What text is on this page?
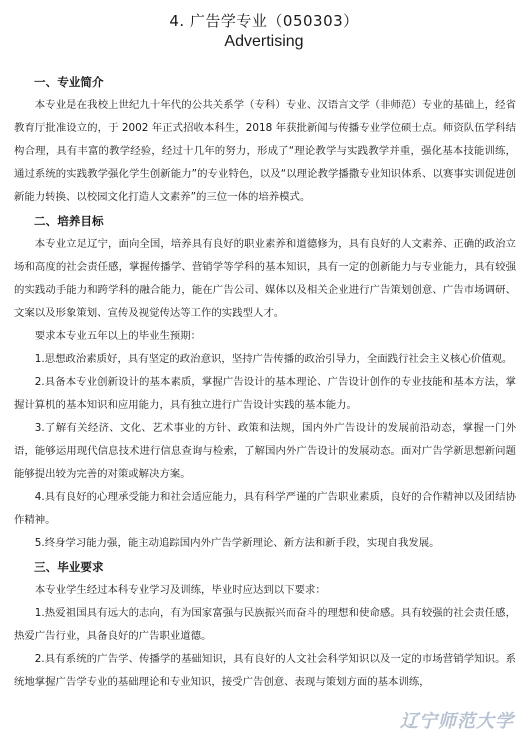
4. 广告学专业（050303）
Advertising
一、专业简介

本专业是在我校上世纪九十年代的公共关系学（专科）专业、汉语言文学（非师范）专业的基础上，经省教育厅批准设立的，于 2002 年正式招收本科生，2018 年获批新闻与传播专业学位硕士点。师资队伍学科结构合理，具有丰富的教学经验，经过十几年的努力，形成了“理论教学与实践教学并重，强化基本技能训练，通过系统的实践教学强化学生创新能力”的专业特色，以及“以理论教学播撒专业知识体系、以赛事实训促进创新能力转换、以校园文化打造人文素养”的三位一体的培养模式。

二、培养目标

本专业立足辽宁，面向全国，培养具有良好的职业素养和道德修为，具有良好的人文素养、正确的政治立场和高度的社会责任感，掌握传播学、营销学等学科的基本知识，具有一定的创新能力与专业能力，具有较强的实践动手能力和跨学科的融合能力，能在广告公司、媒体以及相关企业进行广告策划创意、广告市场调研、文案以及形象策划、宣传及视觉传达等工作的实践型人才。

要求本专业五年以上的毕业生预期：

1.思想政治素质好，具有坚定的政治意识，坚持广告传播的政治引导力，全面践行社会主义核心价值观。

2.具备本专业创新设计的基本素质，掌握广告设计的基本理论、广告设计创作的专业技能和基本方法，掌握计算机的基本知识和应用能力，具有独立进行广告设计实践的基本能力。

3.了解有关经济、文化、艺术事业的方针、政策和法规，国内外广告设计的发展前沿动态，掌握一门外语，能够运用现代信息技术进行信息查询与检索，了解国内外广告设计的发展动态。面对广告学新思想新问题能够提出较为完善的对策或解决方案。

4.具有良好的心理承受能力和社会适应能力，具有科学严谨的广告职业素质，良好的合作精神以及团结协作精神。

5.终身学习能力强，能主动追踪国内外广告学新理论、新方法和新手段，实现自我发展。

三、毕业要求

本专业学生经过本科专业学习及训练，毕业时应达到以下要求：

1.热爱祖国具有远大的志向，有为国家富强与民族振兴而奋斗的理想和使命感。具有较强的社会责任感，热爱广告行业，具备良好的广告职业道德。

2.具有系统的广告学、传播学的基础知识，具有良好的人文社会科学知识以及一定的市场营销学知识。系统地掌握广告学专业的基础理论和专业知识，接受广告创意、表现与策划方面的基本训练，

辽宁师范大学
